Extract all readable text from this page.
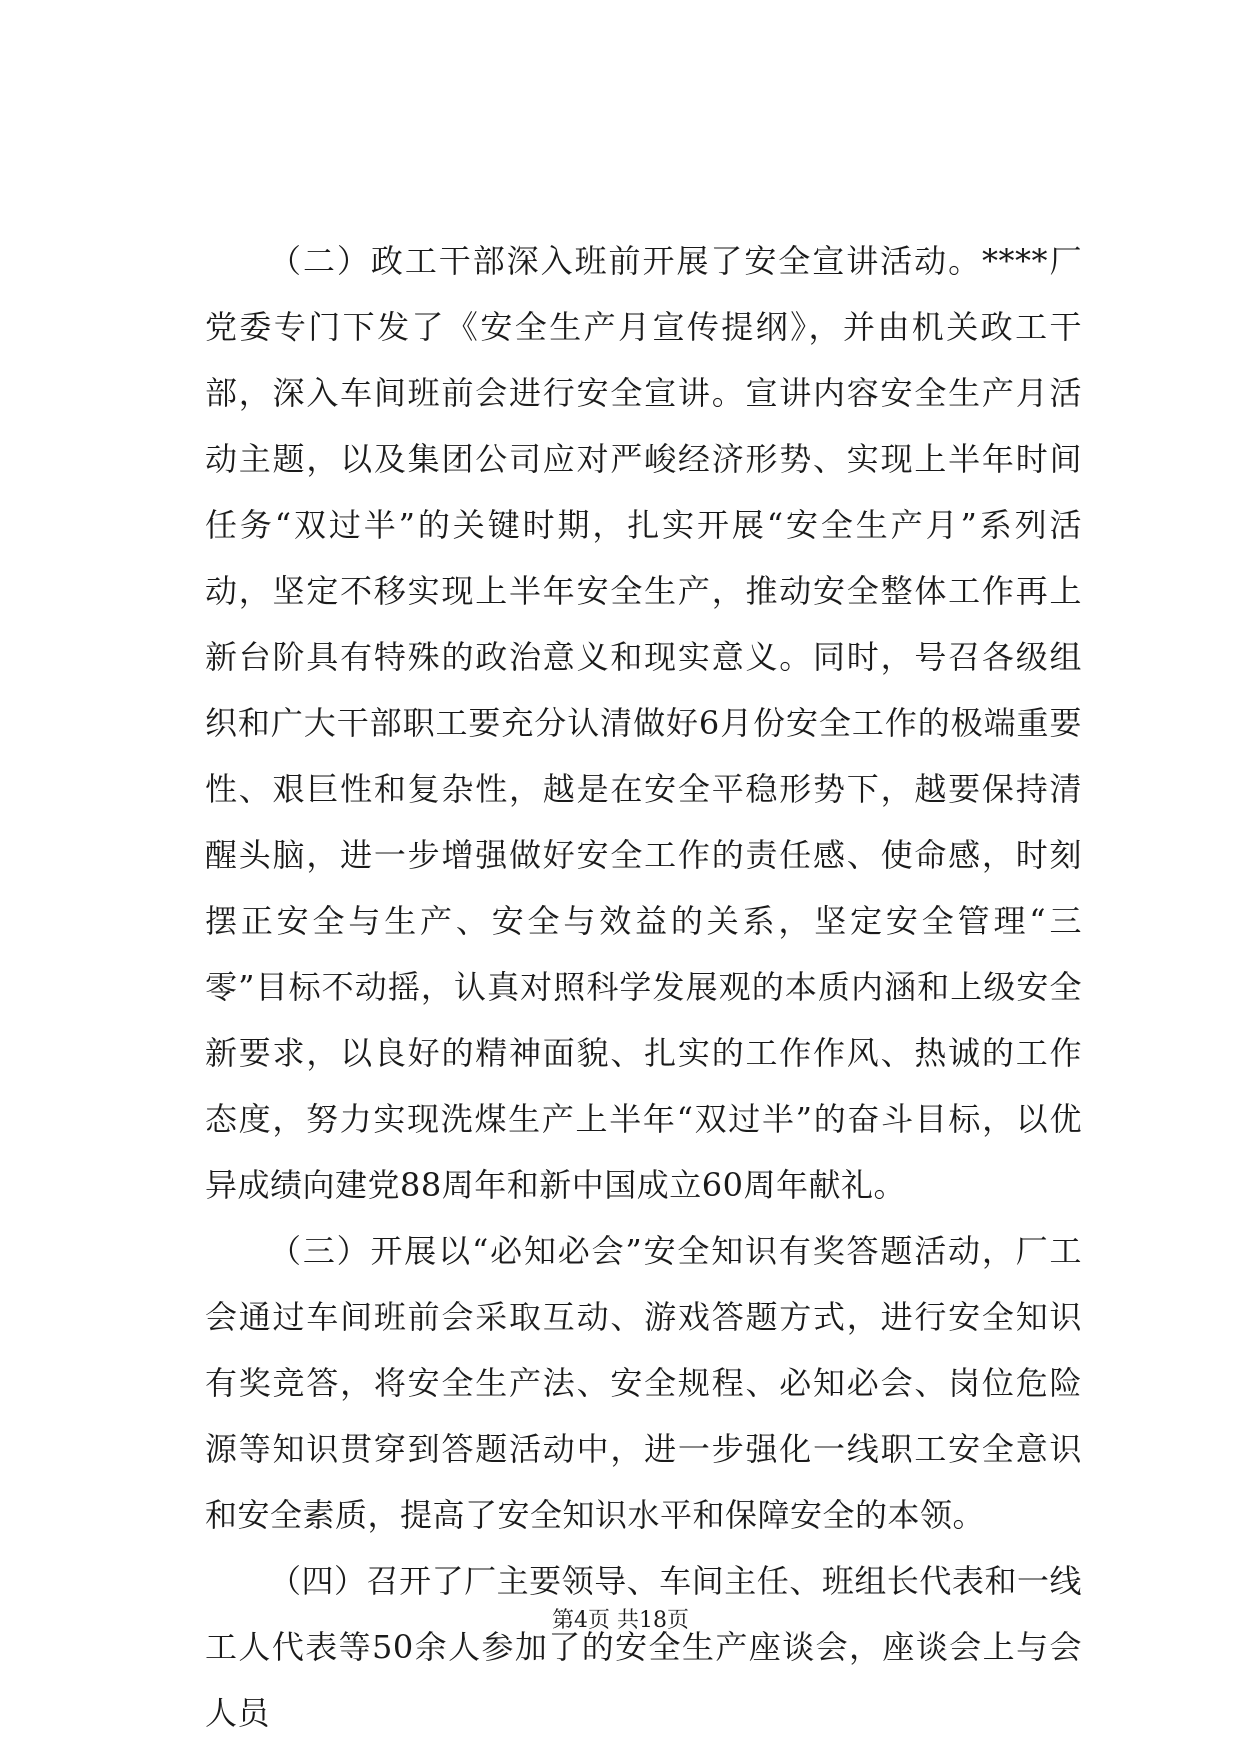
（二）政工干部深入班前开展了安全宣讲活动。****厂党委专门下发了《安全生产月宣传提纲》，并由机关政工干部，深入车间班前会进行安全宣讲。宣讲内容安全生产月活动主题，以及集团公司应对严峻经济形势、实现上半年时间任务“双过半”的关键时期，扎实开展“安全生产月”系列活动，坚定不移实现上半年安全生产，推动安全整体工作再上新台阶具有特殊的政治意义和现实意义。同时，号召各级组织和广大干部职工要充分认清做好6月份安全工作的极端重要性、艰巨性和复杂性，越是在安全平稳形势下，越要保持清醒头脑，进一步增强做好安全工作的责任感、使命感，时刻摆正安全与生产、安全与效益的关系，坚定安全管理“三零”目标不动摇，认真对照科学发展观的本质内涵和上级安全新要求，以良好的精神面貌、扎实的工作作风、热诚的工作态度，努力实现洗煤生产上半年“双过半”的奋斗目标，以优异成绩向建党88周年和新中国成立60周年献礼。

（三）开展以“必知必会”安全知识有奖答题活动，厂工会通过车间班前会采取互动、游戏答题方式，进行安全知识有奖竞答，将安全生产法、安全规程、必知必会、岗位危险源等知识贯穿到答题活动中，进一步强化一线职工安全意识和安全素质，提高了安全知识水平和保障安全的本领。

（四）召开了厂主要领导、车间主任、班组长代表和一线工人代表等50余人参加了的安全生产座谈会，座谈会上与会人员

第4页 共18页
